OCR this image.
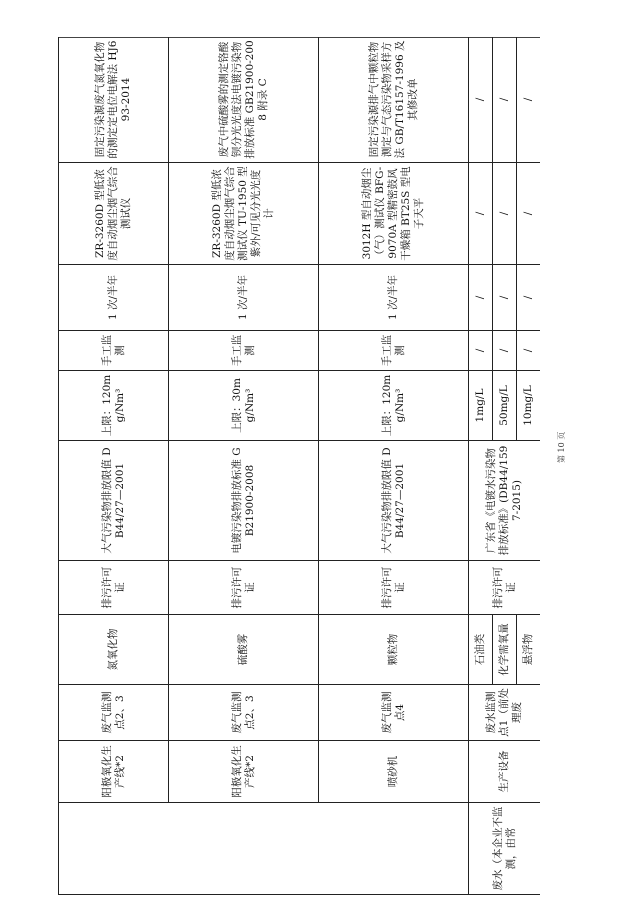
	阳极氧化生产线*2	废气监测点2、3	氮氧化物	排污许可证	大气污染物排放限值 DB44/27—2001	上限：120mg/Nm³	手工监测	1 次/半年	ZR-3260D 型低浓度自动烟尘烟气综合测试仪	固定污染源废气氮氧化物的测定定电位电解法 HJ693-2014
	阳极氧化生产线*2	废气监测点2、3	硫酸雾	排污许可证	电镀污染物排放标准 GB21900-2008	上限：30mg/Nm³	手工监测	1 次/半年	ZR-3260D 型低浓度自动烟尘烟气综合测试仪 TU-1950 型紫外/可见分光光度计	废气中硫酸雾的测定铬酸钡分光光度法电镀污染物排放标准 GB21900-2008 附录 C
	喷砂机	废气监测点4	颗粒物	排污许可证	大气污染物排放限值 DB44/27—2001	上限：120mg/Nm³	手工监测	1 次/半年	3012H 型自动烟尘（气）测试仪 BFG-9070A 型精密鼓风干燥箱 BT25S 型电子天平	固定污染源排气中颗粒物测定与气态污染物采样方法 GB/T16157-1996 及其修改单
废水（本企业不监测，由常	生产设备	废水监测点1（前处理废	石油类	排污许可证	广东省《电镀水污染物排放标准》(DB44/1597-2015)	1mg/L	/	/	/	/
			化学需氧量			50mg/L	/	/	/	/
			悬浮物			10mg/L	/	/	/	/
第 10 页
